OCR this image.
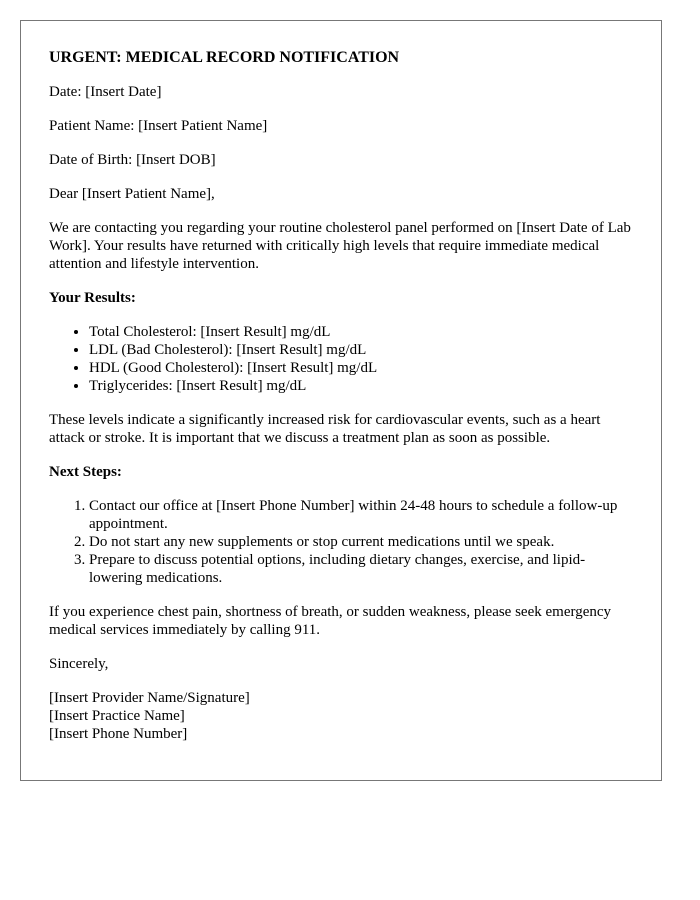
URGENT: MEDICAL RECORD NOTIFICATION

Date: [Insert Date]

Patient Name: [Insert Patient Name]

Date of Birth: [Insert DOB]

Dear [Insert Patient Name],

We are contacting you regarding your routine cholesterol panel performed on [Insert Date of Lab Work]. Your results have returned with critically high levels that require immediate medical attention and lifestyle intervention.

Your Results:
• Total Cholesterol: [Insert Result] mg/dL
• LDL (Bad Cholesterol): [Insert Result] mg/dL
• HDL (Good Cholesterol): [Insert Result] mg/dL
• Triglycerides: [Insert Result] mg/dL

These levels indicate a significantly increased risk for cardiovascular events, such as a heart attack or stroke. It is important that we discuss a treatment plan as soon as possible.

Next Steps:
1. Contact our office at [Insert Phone Number] within 24-48 hours to schedule a follow-up appointment.
2. Do not start any new supplements or stop current medications until we speak.
3. Prepare to discuss potential options, including dietary changes, exercise, and lipid-lowering medications.

If you experience chest pain, shortness of breath, or sudden weakness, please seek emergency medical services immediately by calling 911.

Sincerely,

[Insert Provider Name/Signature]
[Insert Practice Name]
[Insert Phone Number]
